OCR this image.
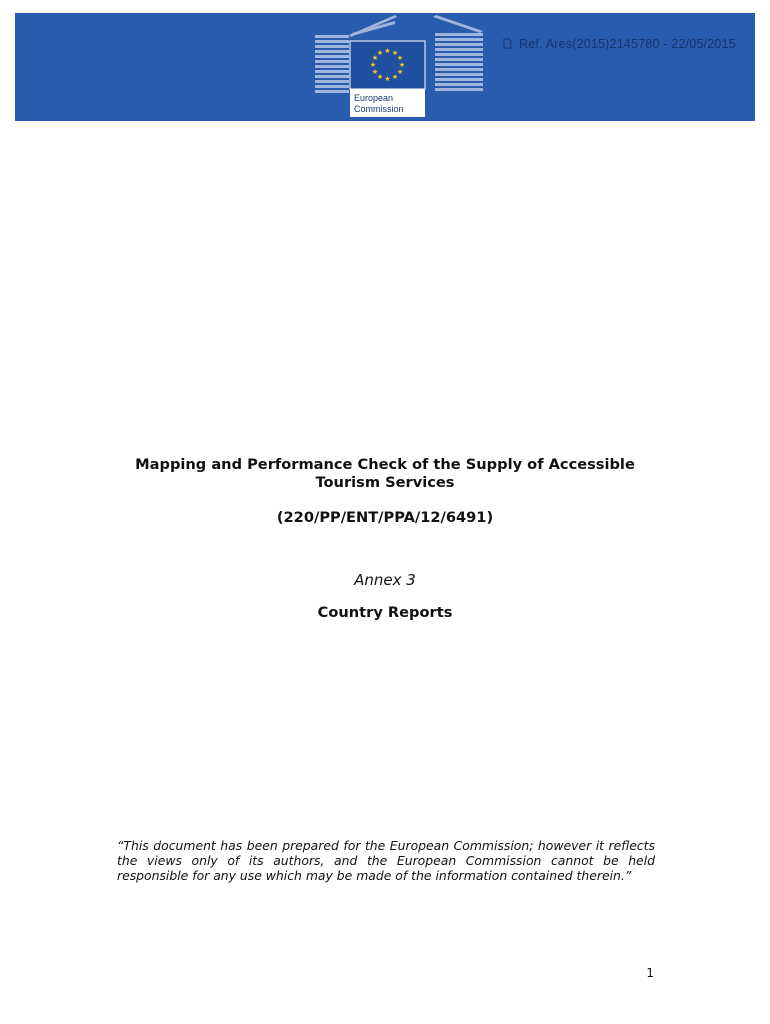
★ ★
★
★
★
★
★
★
★
★
★
★
European
Commission
Ref. Ares(2015)2145780 - 22/05/2015
Mapping and Performance Check of the Supply of Accessible
Tourism Services
(220/PP/ENT/PPA/12/6491)
Annex 3
Country Reports
“This document has been prepared for the European Commission; however it reflects the views only of its authors, and the European Commission cannot be held responsible for any use which may be made of the information contained therein.”
1
